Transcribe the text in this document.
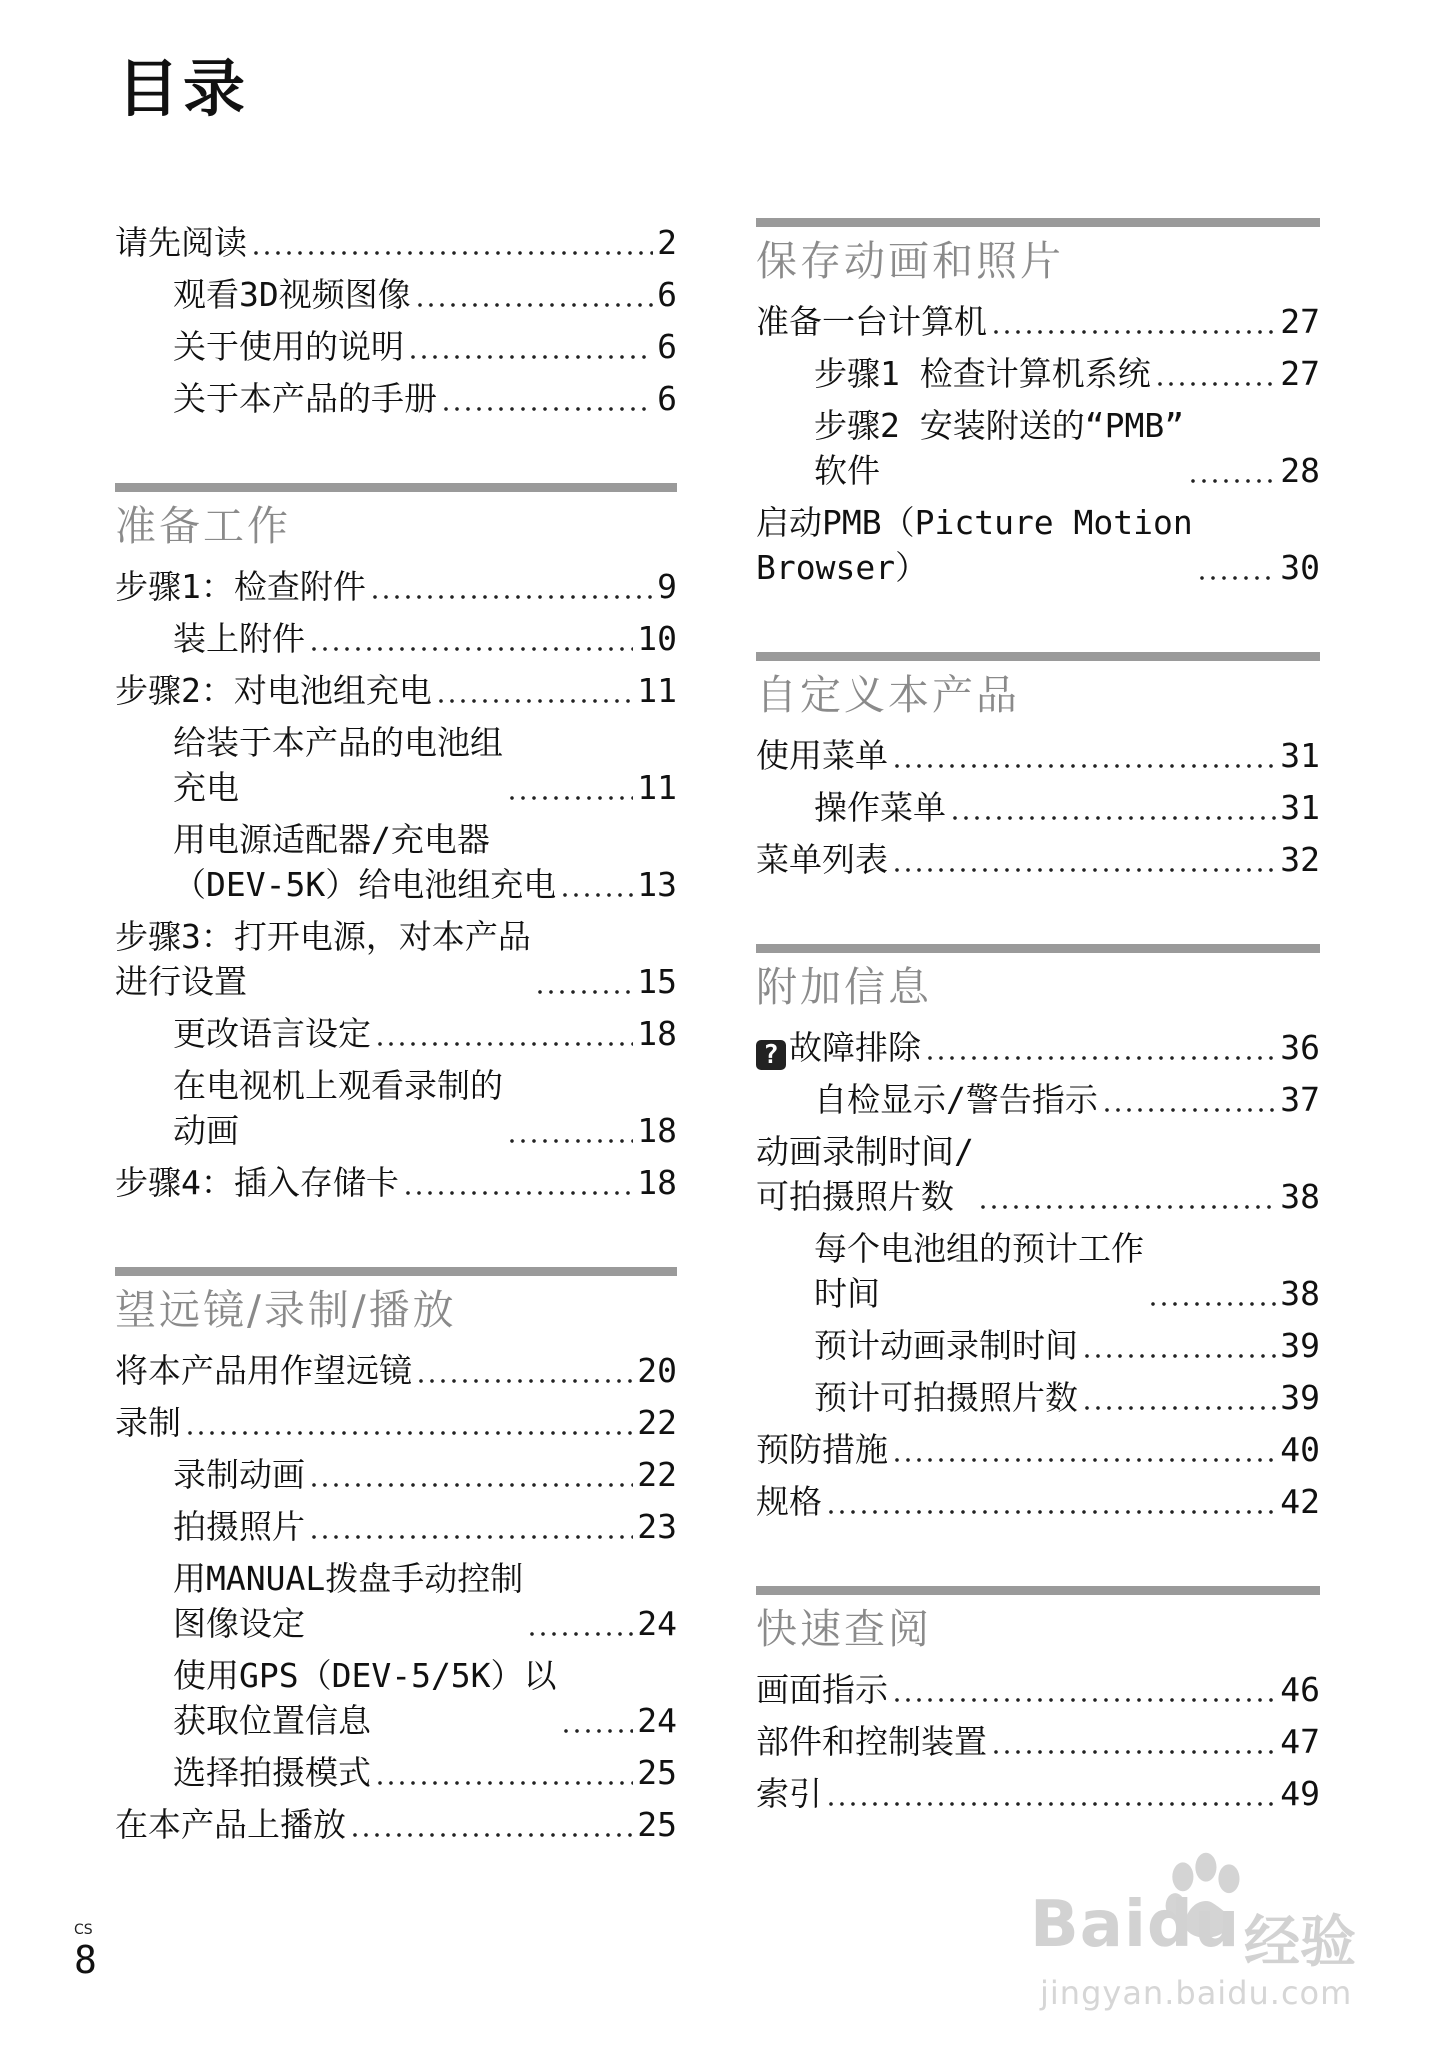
目录
请先阅读	2
观看3D视频图像	6
关于使用的说明	6
关于本产品的手册	6
准备工作
步骤1：检查附件	9
装上附件	10
步骤2：对电池组充电	11
给装于本产品的电池组
充电	11
用电源适配器/充电器
（DEV-5K）给电池组充电 13
步骤3：打开电源，对本产品
进行设置	15
更改语言设定	18
在电视机上观看录制的
动画	18
步骤4：插入存储卡	18
望远镜/录制/播放
将本产品用作望远镜	20
录制	22
录制动画	22
拍摄照片	23
用MANUAL拨盘手动控制
图像设定	24
使用GPS（DEV-5/5K）以
获取位置信息	24
选择拍摄模式	25
在本产品上播放	25
保存动画和照片
准备一台计算机	27
步骤1 检查计算机系统	27
步骤2 安装附送的“PMB”
软件	28
启动PMB（Picture Motion
Browser）	30
自定义本产品
使用菜单	31
操作菜单	31
菜单列表	32
附加信息
? 故障排除	36
自检显示/警告指示	37
动画录制时间/
可拍摄照片数	38
每个电池组的预计工作
时间	38
预计动画录制时间	39
预计可拍摄照片数	39
预防措施	40
规格	42
快速查阅
画面指示	46
部件和控制装置	47
索引	49
CS
8	Baidu 经验
jingyan.baidu.com
